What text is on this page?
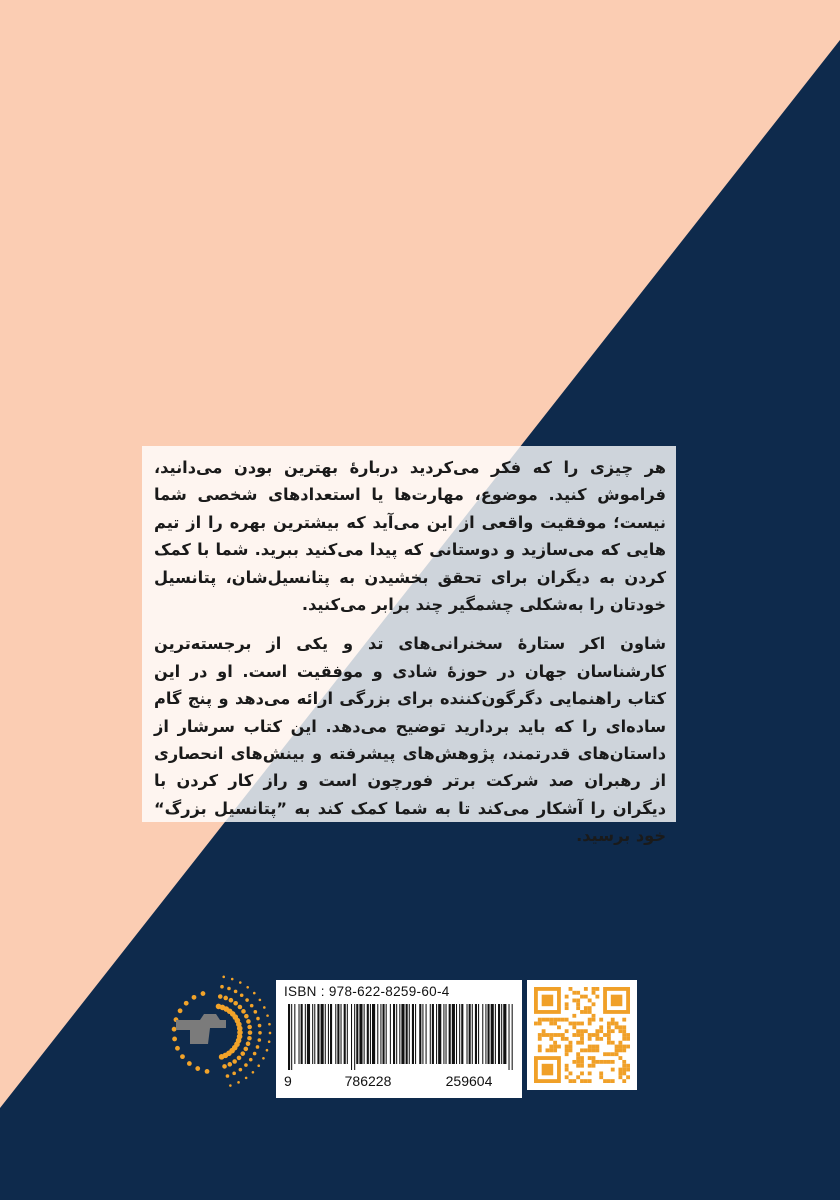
هر چیزی را که فکر می‌کردید دربارهٔ بهترین بودن می‌دانید، فراموش کنید. موضوع، مهارت‌ها یا استعدادهای شخصی شما نیست؛ موفقیت واقعی از این می‌آید که بیشترین بهره را از تیم هایی که می‌سازید و دوستانی که پیدا می‌کنید ببرید. شما با کمک کردن به دیگران برای تحقق بخشیدن به پتانسیل‌شان، پتانسیل خودتان را به‌شکلی چشمگیر چند برابر می‌کنید.

شاون اکر ستارهٔ سخنرانی‌های تد و یکی از برجسته‌ترین کارشناسان جهان در حوزهٔ شادی و موفقیت است. او در این کتاب راهنمایی دگرگون‌کننده برای بزرگی ارائه می‌دهد و پنج گام ساده‌ای را که باید بردارید توضیح می‌دهد. این کتاب سرشار از داستان‌های قدرتمند، پژوهش‌های پیشرفته و بینش‌های انحصاری از رهبران صد شرکت برتر فورچون است و راز کار کردن با دیگران را آشکار می‌کند تا به شما کمک کند به ”پتانسیل بزرگ“ خود برسید.

ISBN : 978-622-8259-60-4
9	786228	259604
